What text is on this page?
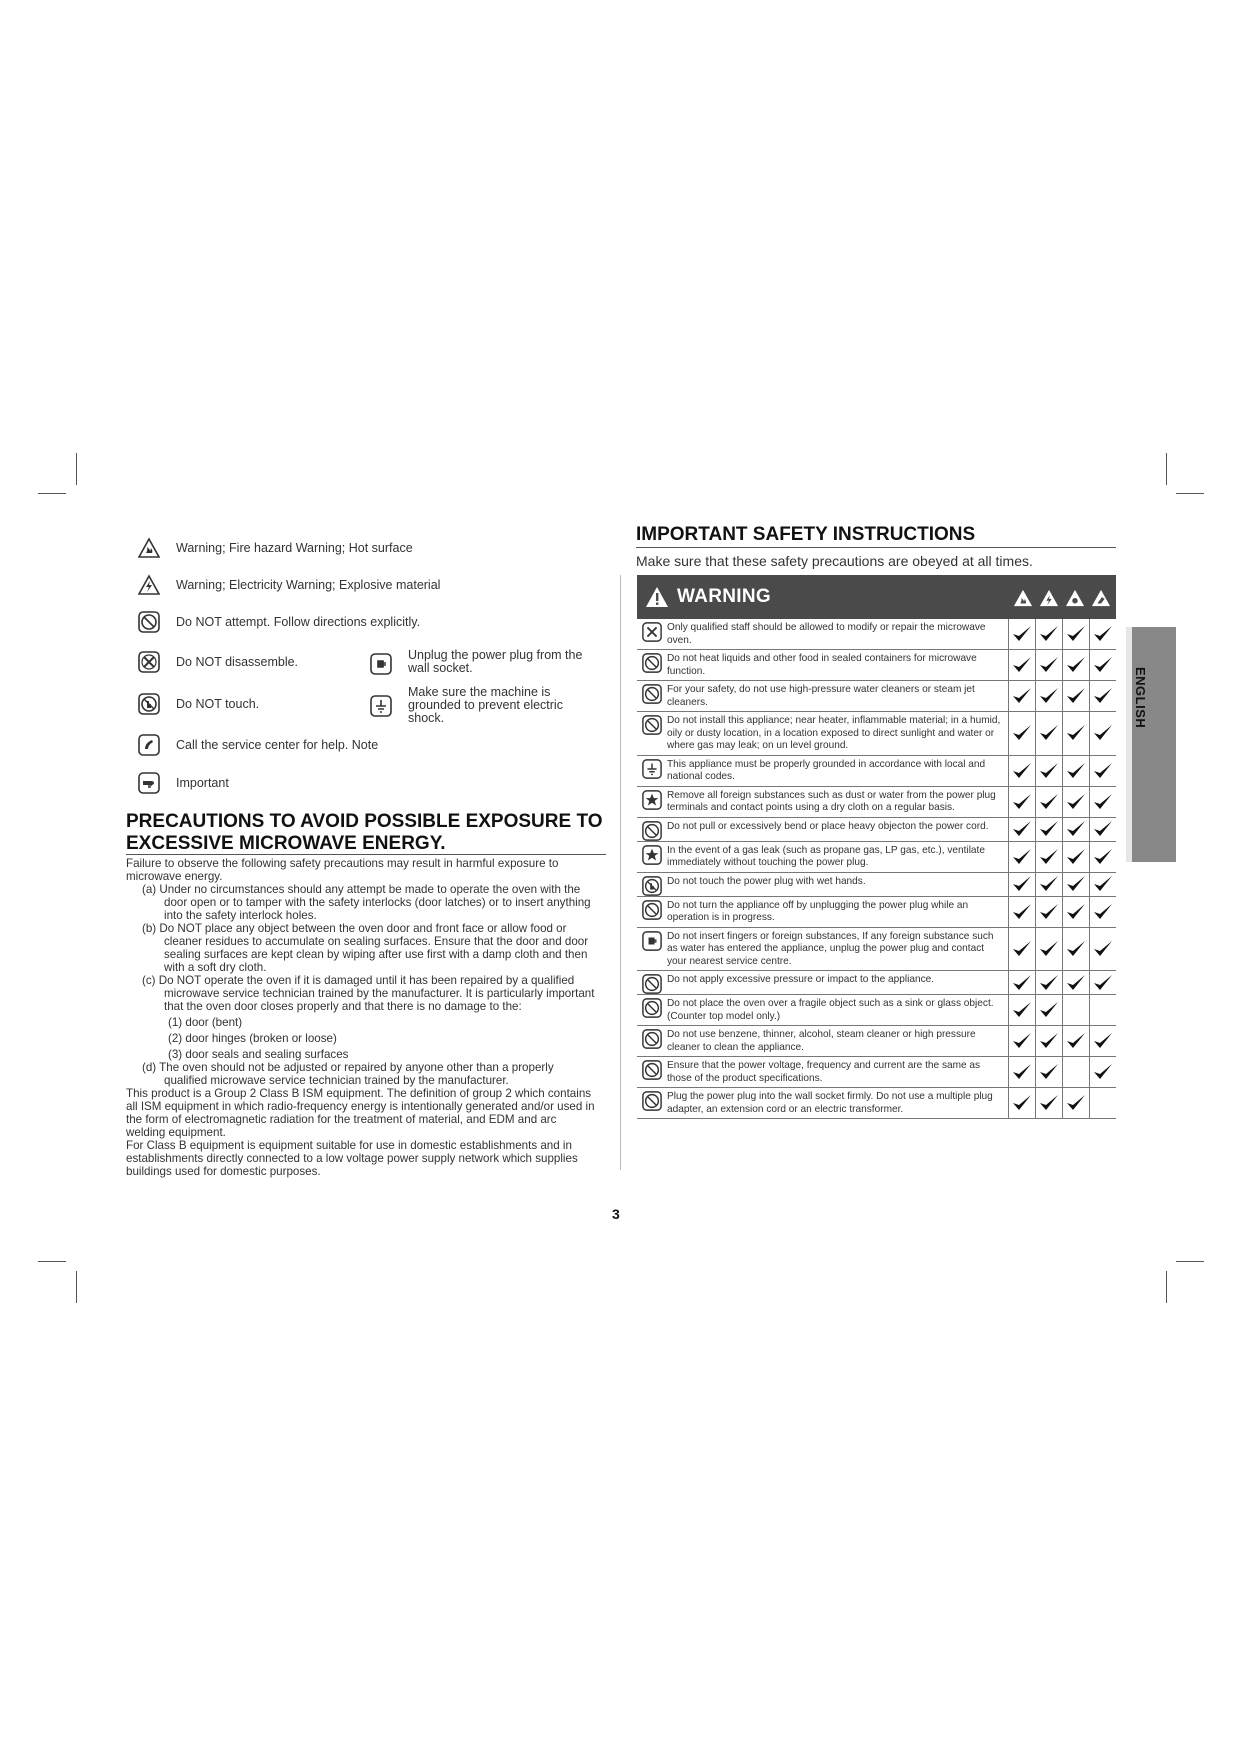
Warning; Fire hazard Warning; Hot surface
Warning; Electricity Warning; Explosive material
Do NOT attempt. Follow directions explicitly.
Do NOT disassemble.
Do NOT touch.
Call the service center for help. Note
Important
Unplug the power plug from the wall socket.
Make sure the machine is grounded to prevent electric shock.
PRECAUTIONS TO AVOID POSSIBLE EXPOSURE TO
EXCESSIVE MICROWAVE ENERGY.

Failure to observe the following safety precautions may result in harmful exposure to microwave energy.

(a) Under no circumstances should any attempt be made to operate the oven with the door open or to tamper with the safety interlocks (door latches) or to insert anything into the safety interlock holes.

(b) Do NOT place any object between the oven door and front face or allow food or cleaner residues to accumulate on sealing surfaces. Ensure that the door and door sealing surfaces are kept clean by wiping after use first with a damp cloth and then with a soft dry cloth.

(c) Do NOT operate the oven if it is damaged until it has been repaired by a qualified microwave service technician trained by the manufacturer. It is particularly important that the oven door closes properly and that there is no damage to the:

(1) door (bent)

(2) door hinges (broken or loose)

(3) door seals and sealing surfaces

(d) The oven should not be adjusted or repaired by anyone other than a properly qualified microwave service technician trained by the manufacturer.

This product is a Group 2 Class B ISM equipment. The definition of group 2 which contains all ISM equipment in which radio-frequency energy is intentionally generated and/or used in the form of electromagnetic radiation for the treatment of material, and EDM and arc welding equipment.

For Class B equipment is equipment suitable for use in domestic establishments and in establishments directly connected to a low voltage power supply network which supplies buildings used for domestic purposes.

IMPORTANT SAFETY INSTRUCTIONS
Make sure that these safety precautions are obeyed at all times.
WARNING
Only qualified staff should be allowed to modify or repair the microwave oven.
Do not heat liquids and other food in sealed containers for microwave function.
For your safety, do not use high-pressure water cleaners or steam jet cleaners.
Do not install this appliance; near heater, inflammable material; in a humid, oily or dusty location, in a location exposed to direct sunlight and water or where gas may leak; on un level ground.
This appliance must be properly grounded in accordance with local and national codes.
Remove all foreign substances such as dust or water from the power plug terminals and contact points using a dry cloth on a regular basis.
Do not pull or excessively bend or place heavy objecton the power cord.
In the event of a gas leak (such as propane gas, LP gas, etc.), ventilate immediately without touching the power plug.
Do not touch the power plug with wet hands.
Do not turn the appliance off by unplugging the power plug while an operation is in progress.
Do not insert fingers or foreign substances, If any foreign substance such as water has entered the appliance, unplug the power plug and contact your nearest service centre.
Do not apply excessive pressure or impact to the appliance.
Do not place the oven over a fragile object such as a sink or glass object. (Counter top model only.)
Do not use benzene, thinner, alcohol, steam cleaner or high pressure cleaner to clean the appliance.
Ensure that the power voltage, frequency and current are the same as those of the product specifications.
Plug the power plug into the wall socket firmly. Do not use a multiple plug adapter, an extension cord or an electric transformer.
ENGLISH
3
